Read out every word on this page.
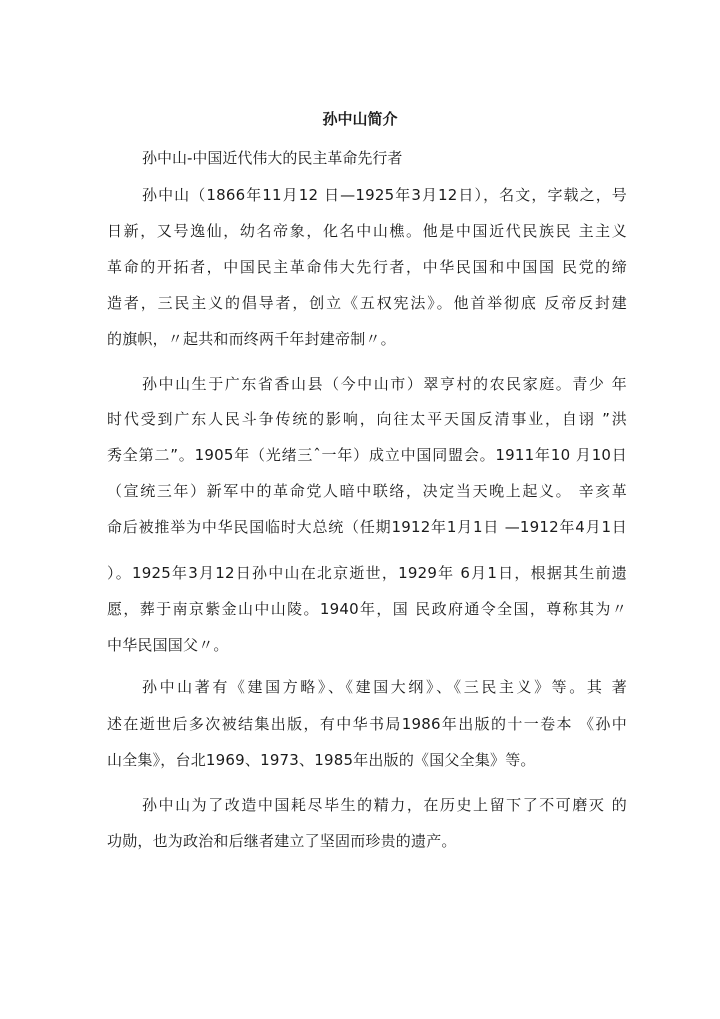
孙中山简介
孙中山-中国近代伟大的民主革命先行者
孙中山（1866年11月12 日—1925年3月12日），名文，字载之，号
日新，又号逸仙，幼名帝象，化名中山樵。他是中国近代民族民 主主义
革命的开拓者，中国民主革命伟大先行者，中华民国和中国国 民党的缔
造者，三民主义的倡导者，创立《五权宪法》。他首举彻底 反帝反封建
的旗帜，〃起共和而终两千年封建帝制〃。
孙中山生于广东省香山县（今中山市）翠亨村的农民家庭。青少 年
时代受到广东人民斗争传统的影响，向往太平天国反清事业，自诩 ”洪
秀全第二”。1905年（光绪三ˆ一年）成立中国同盟会。1911年10 月10日
（宣统三年）新军中的革命党人暗中联络，决定当天晚上起义。 辛亥革
命后被推举为中华民国临时大总统（任期1912年1月1日 —1912年4月1日
）。1925年3月12日孙中山在北京逝世，1929年 6月1日，根据其生前遗
愿，葬于南京紫金山中山陵。1940年，国 民政府通令全国，尊称其为〃
中华民国国父〃。
孙中山著有《建国方略》、《建国大纲》、《三民主义》等。其 著
述在逝世后多次被结集出版，有中华书局1986年出版的十一卷本 《孙中
山全集》，台北1969、1973、1985年出版的《国父全集》等。
孙中山为了改造中国耗尽毕生的精力，在历史上留下了不可磨灭 的
功勋，也为政治和后继者建立了坚固而珍贵的遗产。
